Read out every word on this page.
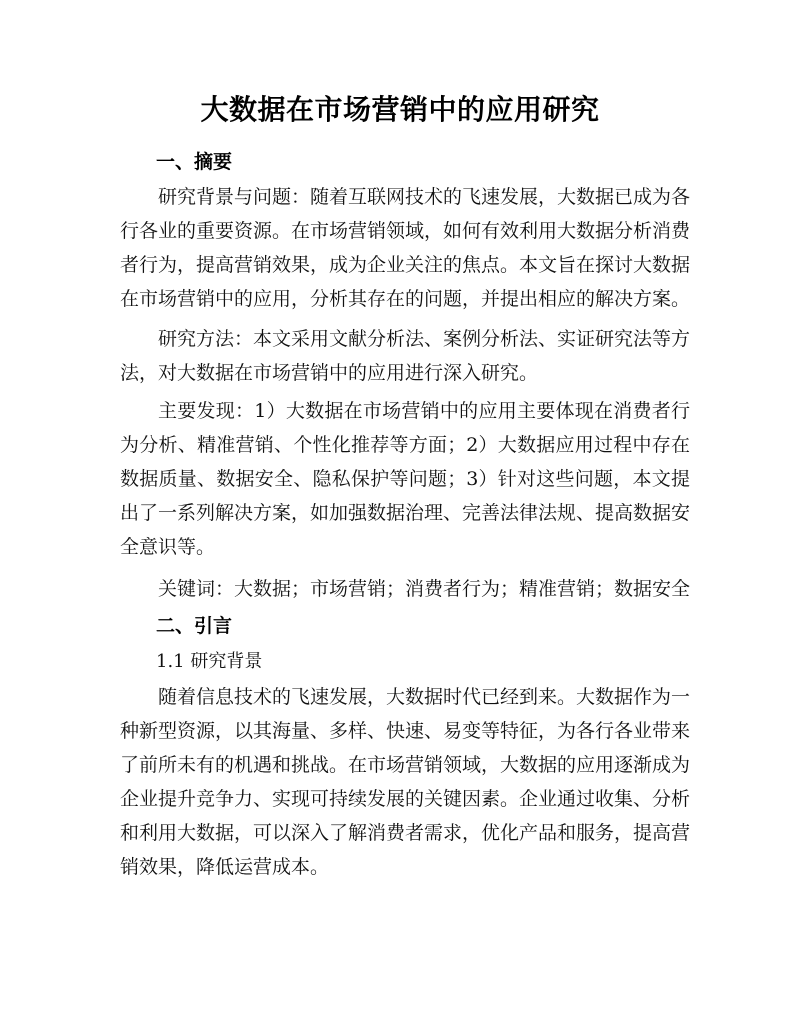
大数据在市场营销中的应用研究
一、摘要

研究背景与问题：随着互联网技术的飞速发展，大数据已成为各行各业的重要资源。在市场营销领域，如何有效利用大数据分析消费者行为，提高营销效果，成为企业关注的焦点。本文旨在探讨大数据在市场营销中的应用，分析其存在的问题，并提出相应的解决方案。

研究方法：本文采用文献分析法、案例分析法、实证研究法等方法，对大数据在市场营销中的应用进行深入研究。

主要发现：1）大数据在市场营销中的应用主要体现在消费者行为分析、精准营销、个性化推荐等方面；2）大数据应用过程中存在数据质量、数据安全、隐私保护等问题；3）针对这些问题，本文提出了一系列解决方案，如加强数据治理、完善法律法规、提高数据安全意识等。

关键词：大数据；市场营销；消费者行为；精准营销；数据安全

二、引言
1.1 研究背景

随着信息技术的飞速发展，大数据时代已经到来。大数据作为一种新型资源，以其海量、多样、快速、易变等特征，为各行各业带来了前所未有的机遇和挑战。在市场营销领域，大数据的应用逐渐成为企业提升竞争力、实现可持续发展的关键因素。企业通过收集、分析和利用大数据，可以深入了解消费者需求，优化产品和服务，提高营销效果，降低运营成本。
